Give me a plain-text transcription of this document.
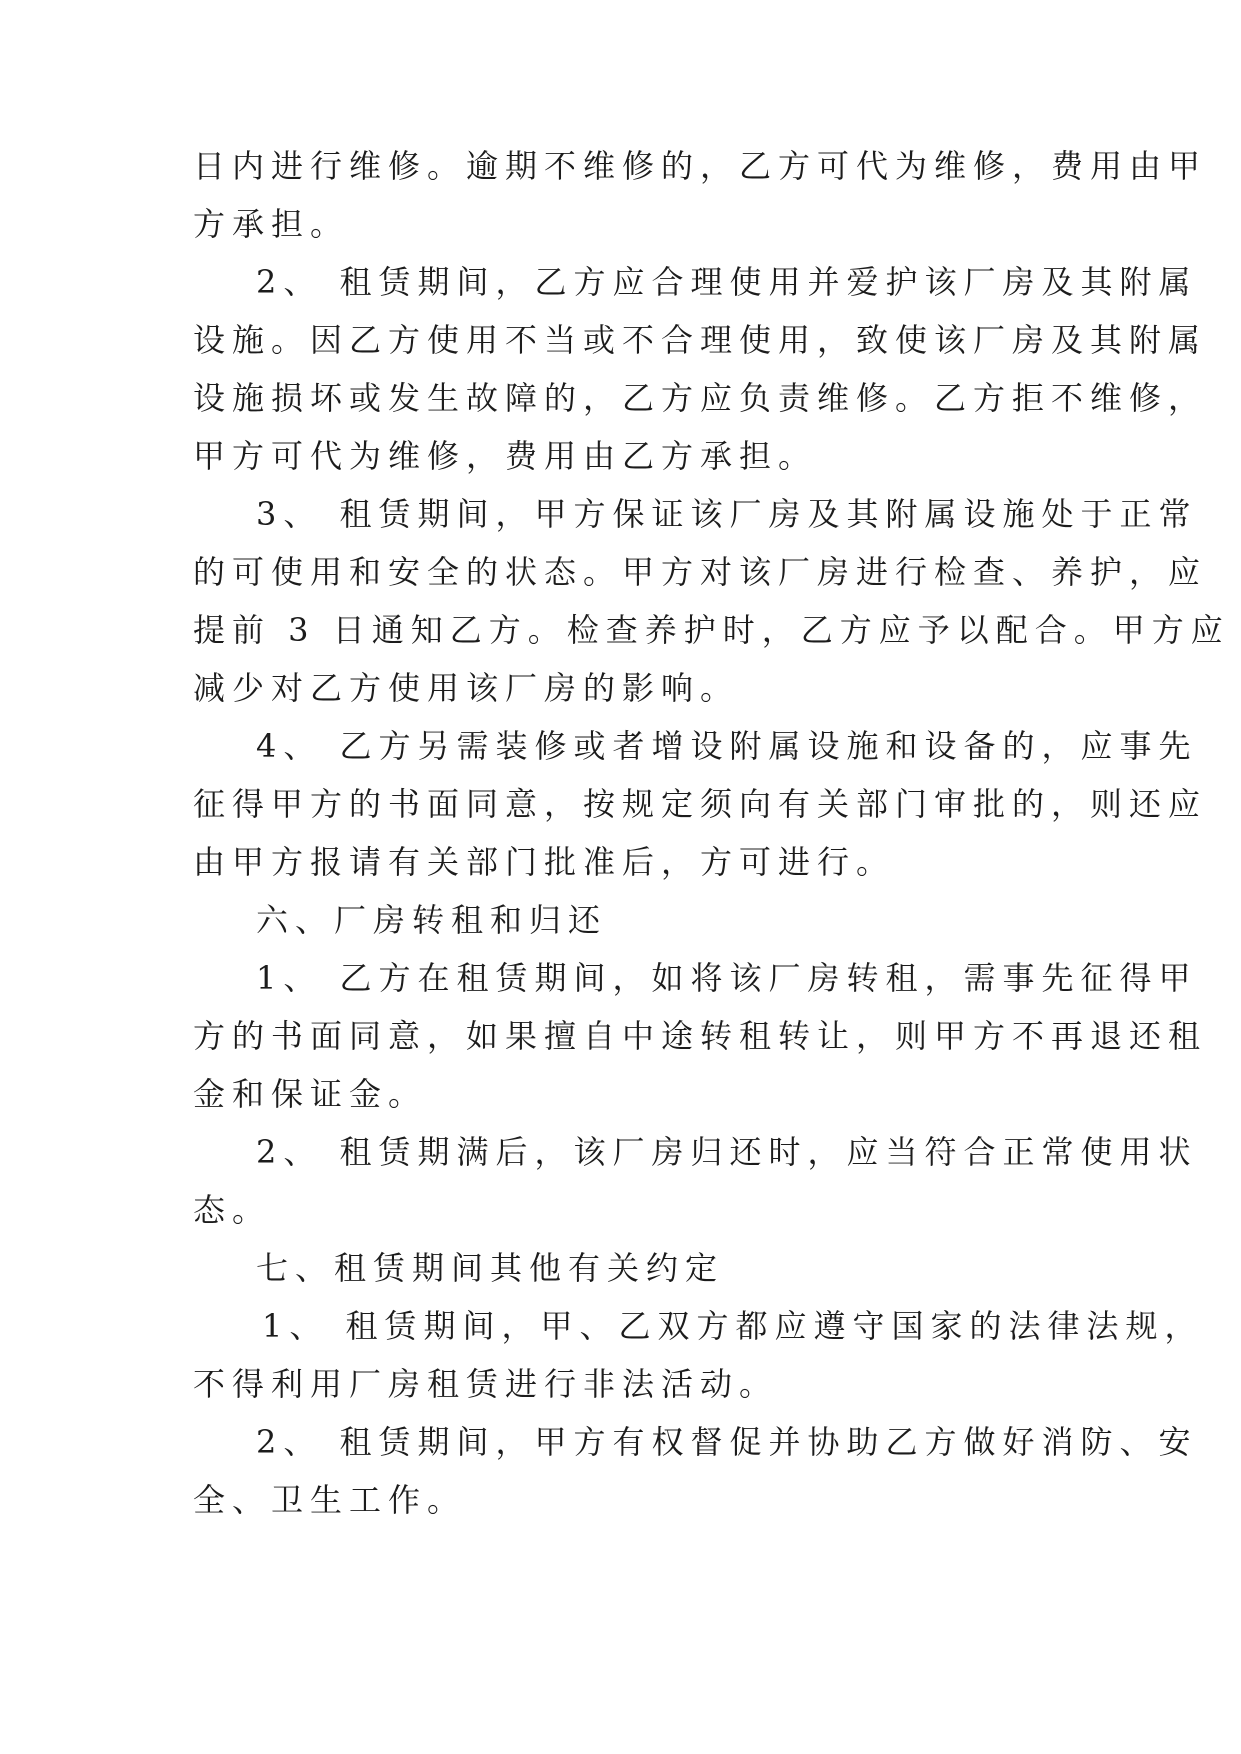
日内进行维修。逾期不维修的，乙方可代为维修，费用由甲
方承担。
2、 租赁期间，乙方应合理使用并爱护该厂房及其附属
设施。因乙方使用不当或不合理使用，致使该厂房及其附属
设施损坏或发生故障的，乙方应负责维修。乙方拒不维修，
甲方可代为维修，费用由乙方承担。
3、 租赁期间，甲方保证该厂房及其附属设施处于正常
的可使用和安全的状态。甲方对该厂房进行检查、养护，应
提前 3 日通知乙方。检查养护时，乙方应予以配合。甲方应
减少对乙方使用该厂房的影响。
4、 乙方另需装修或者增设附属设施和设备的，应事先
征得甲方的书面同意，按规定须向有关部门审批的，则还应
由甲方报请有关部门批准后，方可进行。
六、厂房转租和归还
1、 乙方在租赁期间，如将该厂房转租，需事先征得甲
方的书面同意，如果擅自中途转租转让，则甲方不再退还租
金和保证金。
2、 租赁期满后，该厂房归还时，应当符合正常使用状
态。
七、租赁期间其他有关约定
1、 租赁期间，甲、乙双方都应遵守国家的法律法规，
不得利用厂房租赁进行非法活动。
2、 租赁期间，甲方有权督促并协助乙方做好消防、安
全、卫生工作。
